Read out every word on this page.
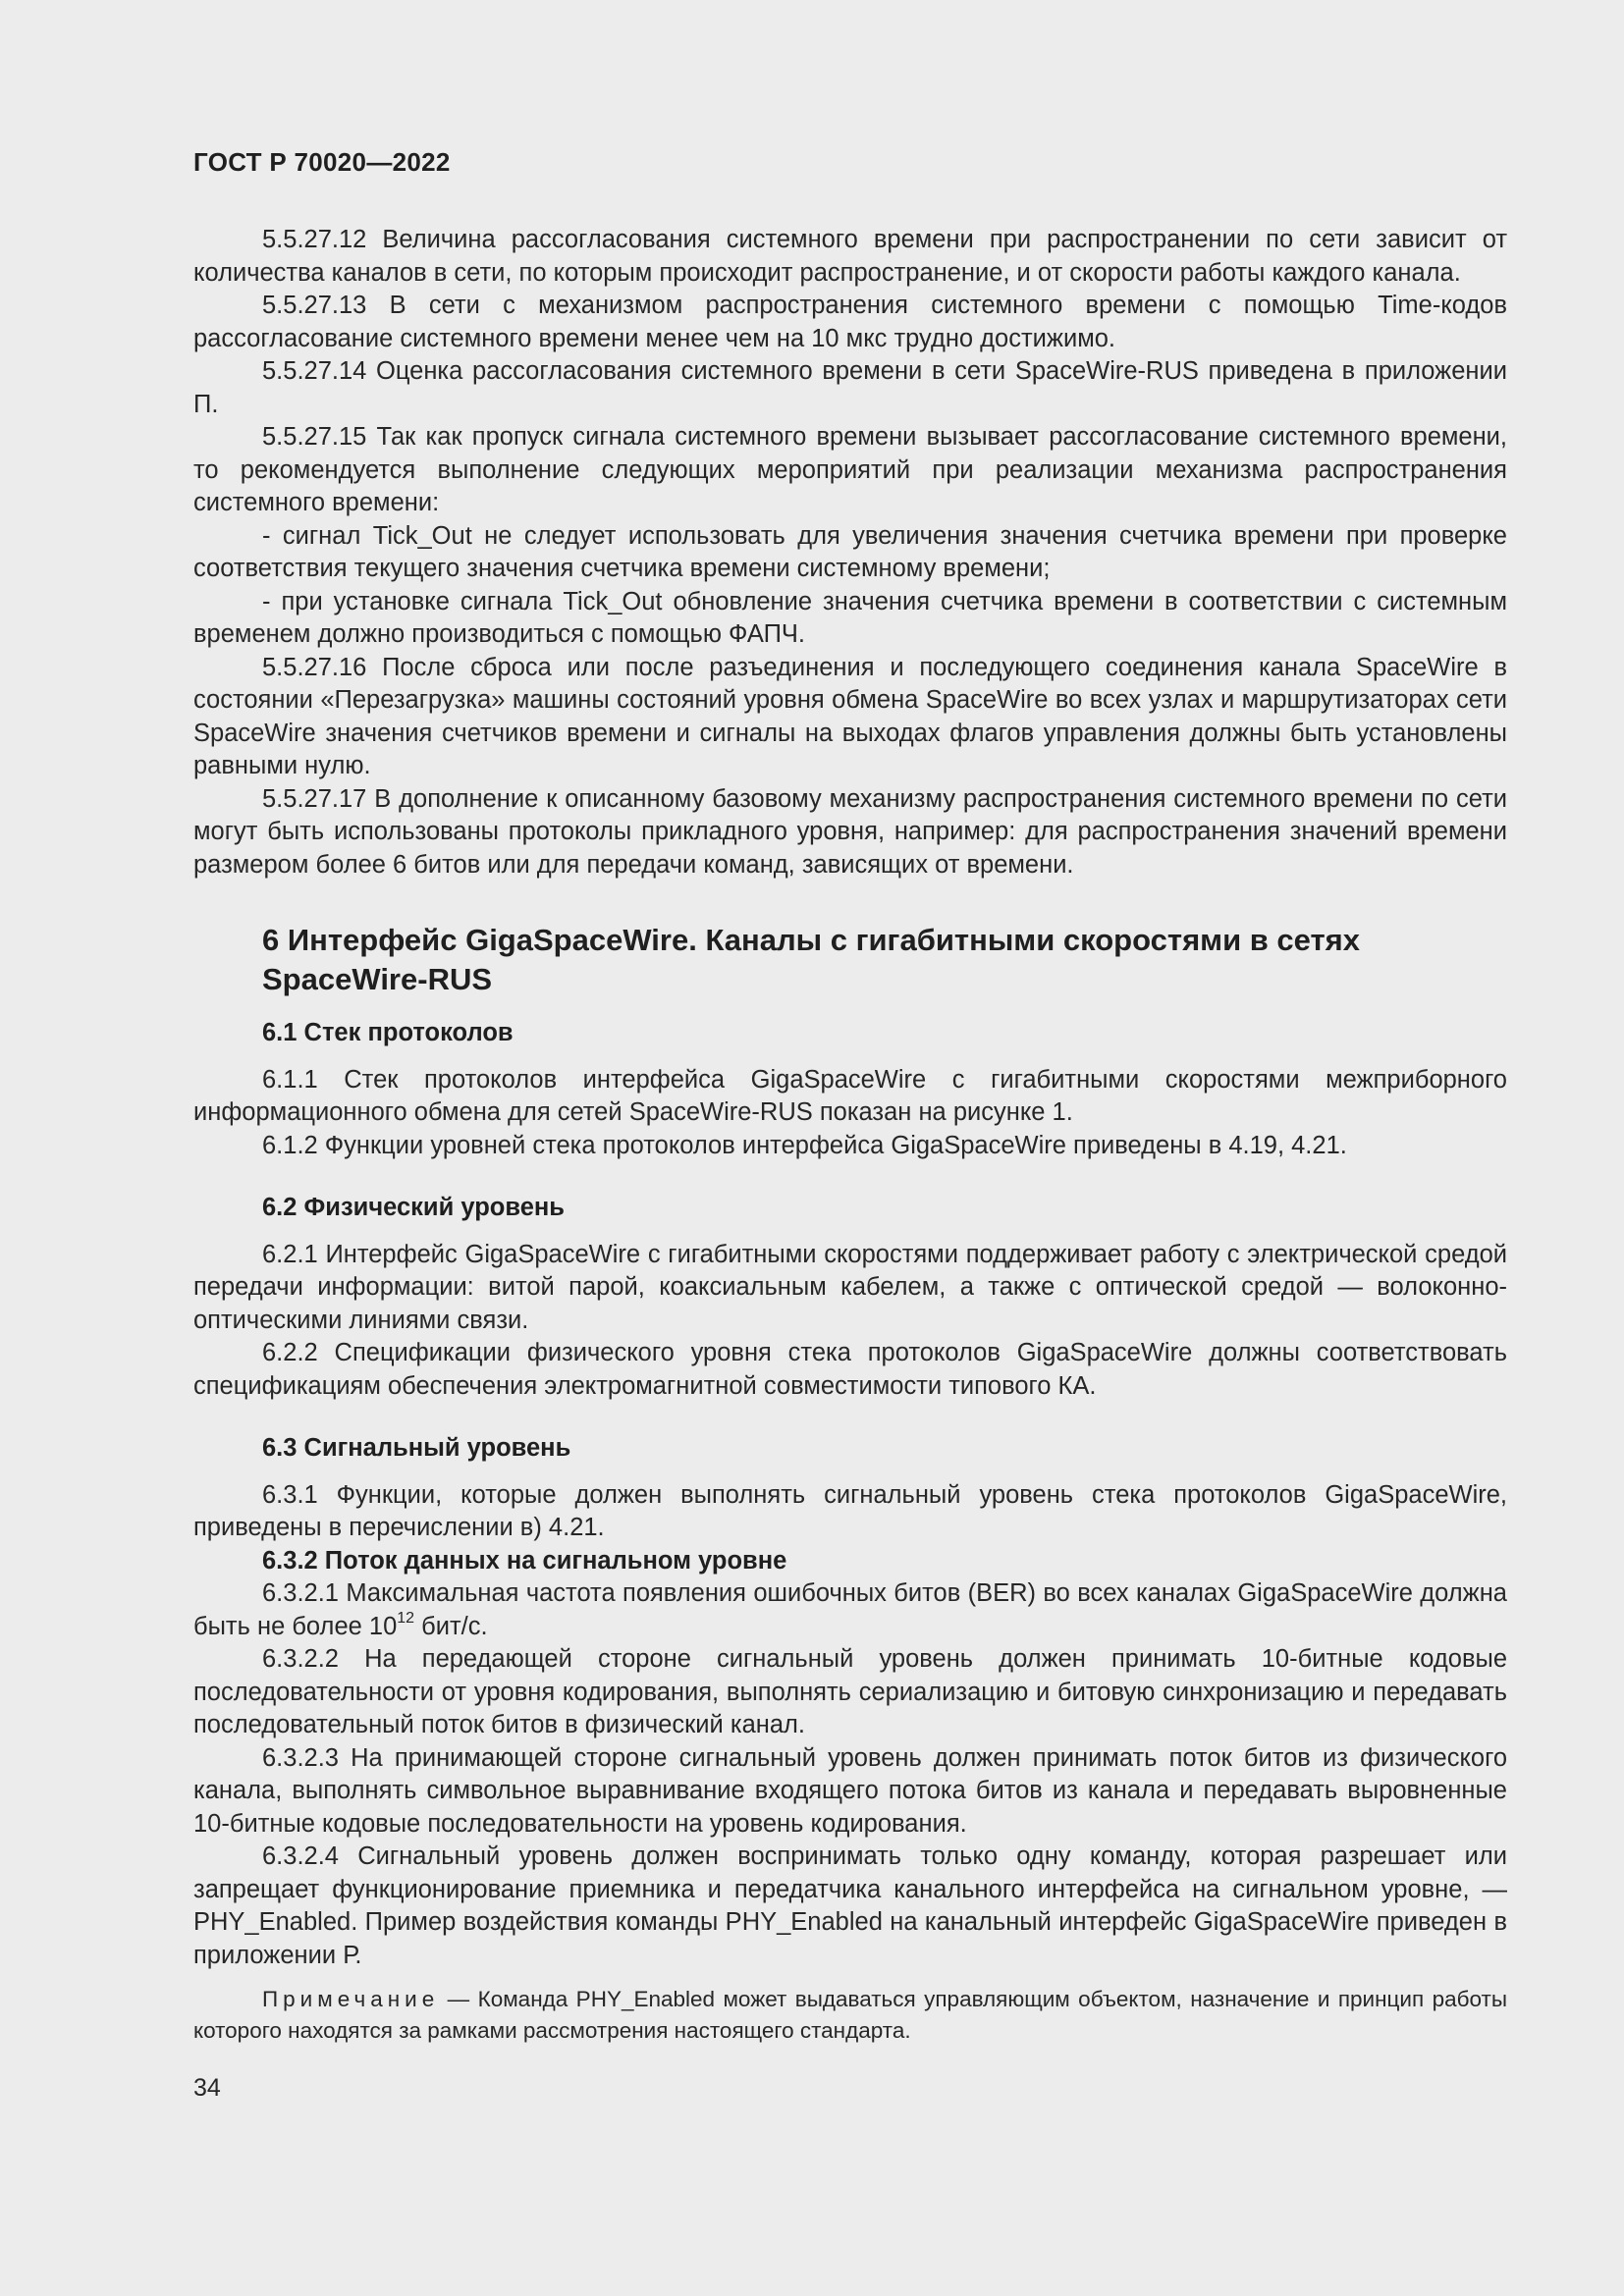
ГОСТ Р 70020—2022

5.5.27.12 Величина рассогласования системного времени при распространении по сети зависит от количества каналов в сети, по которым происходит распространение, и от скорости работы каждого канала.

5.5.27.13 В сети с механизмом распространения системного времени с помощью Time-кодов рассогласование системного времени менее чем на 10 мкс трудно достижимо.

5.5.27.14 Оценка рассогласования системного времени в сети SpaceWire-RUS приведена в приложении П.

5.5.27.15 Так как пропуск сигнала системного времени вызывает рассогласование системного времени, то рекомендуется выполнение следующих мероприятий при реализации механизма распространения системного времени:

- сигнал Tick_Out не следует использовать для увеличения значения счетчика времени при проверке соответствия текущего значения счетчика времени системному времени;

- при установке сигнала Tick_Out обновление значения счетчика времени в соответствии с системным временем должно производиться с помощью ФАПЧ.

5.5.27.16 После сброса или после разъединения и последующего соединения канала SpaceWire в состоянии «Перезагрузка» машины состояний уровня обмена SpaceWire во всех узлах и маршрутизаторах сети SpaceWire значения счетчиков времени и сигналы на выходах флагов управления должны быть установлены равными нулю.

5.5.27.17 В дополнение к описанному базовому механизму распространения системного времени по сети могут быть использованы протоколы прикладного уровня, например: для распространения значений времени размером более 6 битов или для передачи команд, зависящих от времени.

6 Интерфейс GigaSpaceWire. Каналы с гигабитными скоростями в сетях SpaceWire-RUS
6.1 Стек протоколов

6.1.1 Стек протоколов интерфейса GigaSpaceWire с гигабитными скоростями межприборного информационного обмена для сетей SpaceWire-RUS показан на рисунке 1.

6.1.2 Функции уровней стека протоколов интерфейса GigaSpaceWire приведены в 4.19, 4.21.

6.2 Физический уровень

6.2.1 Интерфейс GigaSpaceWire с гигабитными скоростями поддерживает работу с электрической средой передачи информации: витой парой, коаксиальным кабелем, а также с оптической средой — волоконно-оптическими линиями связи.

6.2.2 Спецификации физического уровня стека протоколов GigaSpaceWire должны соответствовать спецификациям обеспечения электромагнитной совместимости типового КА.

6.3 Сигнальный уровень

6.3.1 Функции, которые должен выполнять сигнальный уровень стека протоколов GigaSpaceWire, приведены в перечислении в) 4.21.

6.3.2 Поток данных на сигнальном уровне

6.3.2.1 Максимальная частота появления ошибочных битов (BER) во всех каналах GigaSpaceWire должна быть не более $10^{12}$ бит/с.

6.3.2.2 На передающей стороне сигнальный уровень должен принимать 10-битные кодовые последовательности от уровня кодирования, выполнять сериализацию и битовую синхронизацию и передавать последовательный поток битов в физический канал.

6.3.2.3 На принимающей стороне сигнальный уровень должен принимать поток битов из физического канала, выполнять символьное выравнивание входящего потока битов из канала и передавать выровненные 10-битные кодовые последовательности на уровень кодирования.

6.3.2.4 Сигнальный уровень должен воспринимать только одну команду, которая разрешает или запрещает функционирование приемника и передатчика канального интерфейса на сигнальном уровне, — PHY_Enabled. Пример воздействия команды PHY_Enabled на канальный интерфейс GigaSpaceWire приведен в приложении Р.

Примечание — Команда PHY_Enabled может выдаваться управляющим объектом, назначение и принцип работы которого находятся за рамками рассмотрения настоящего стандарта.
34
